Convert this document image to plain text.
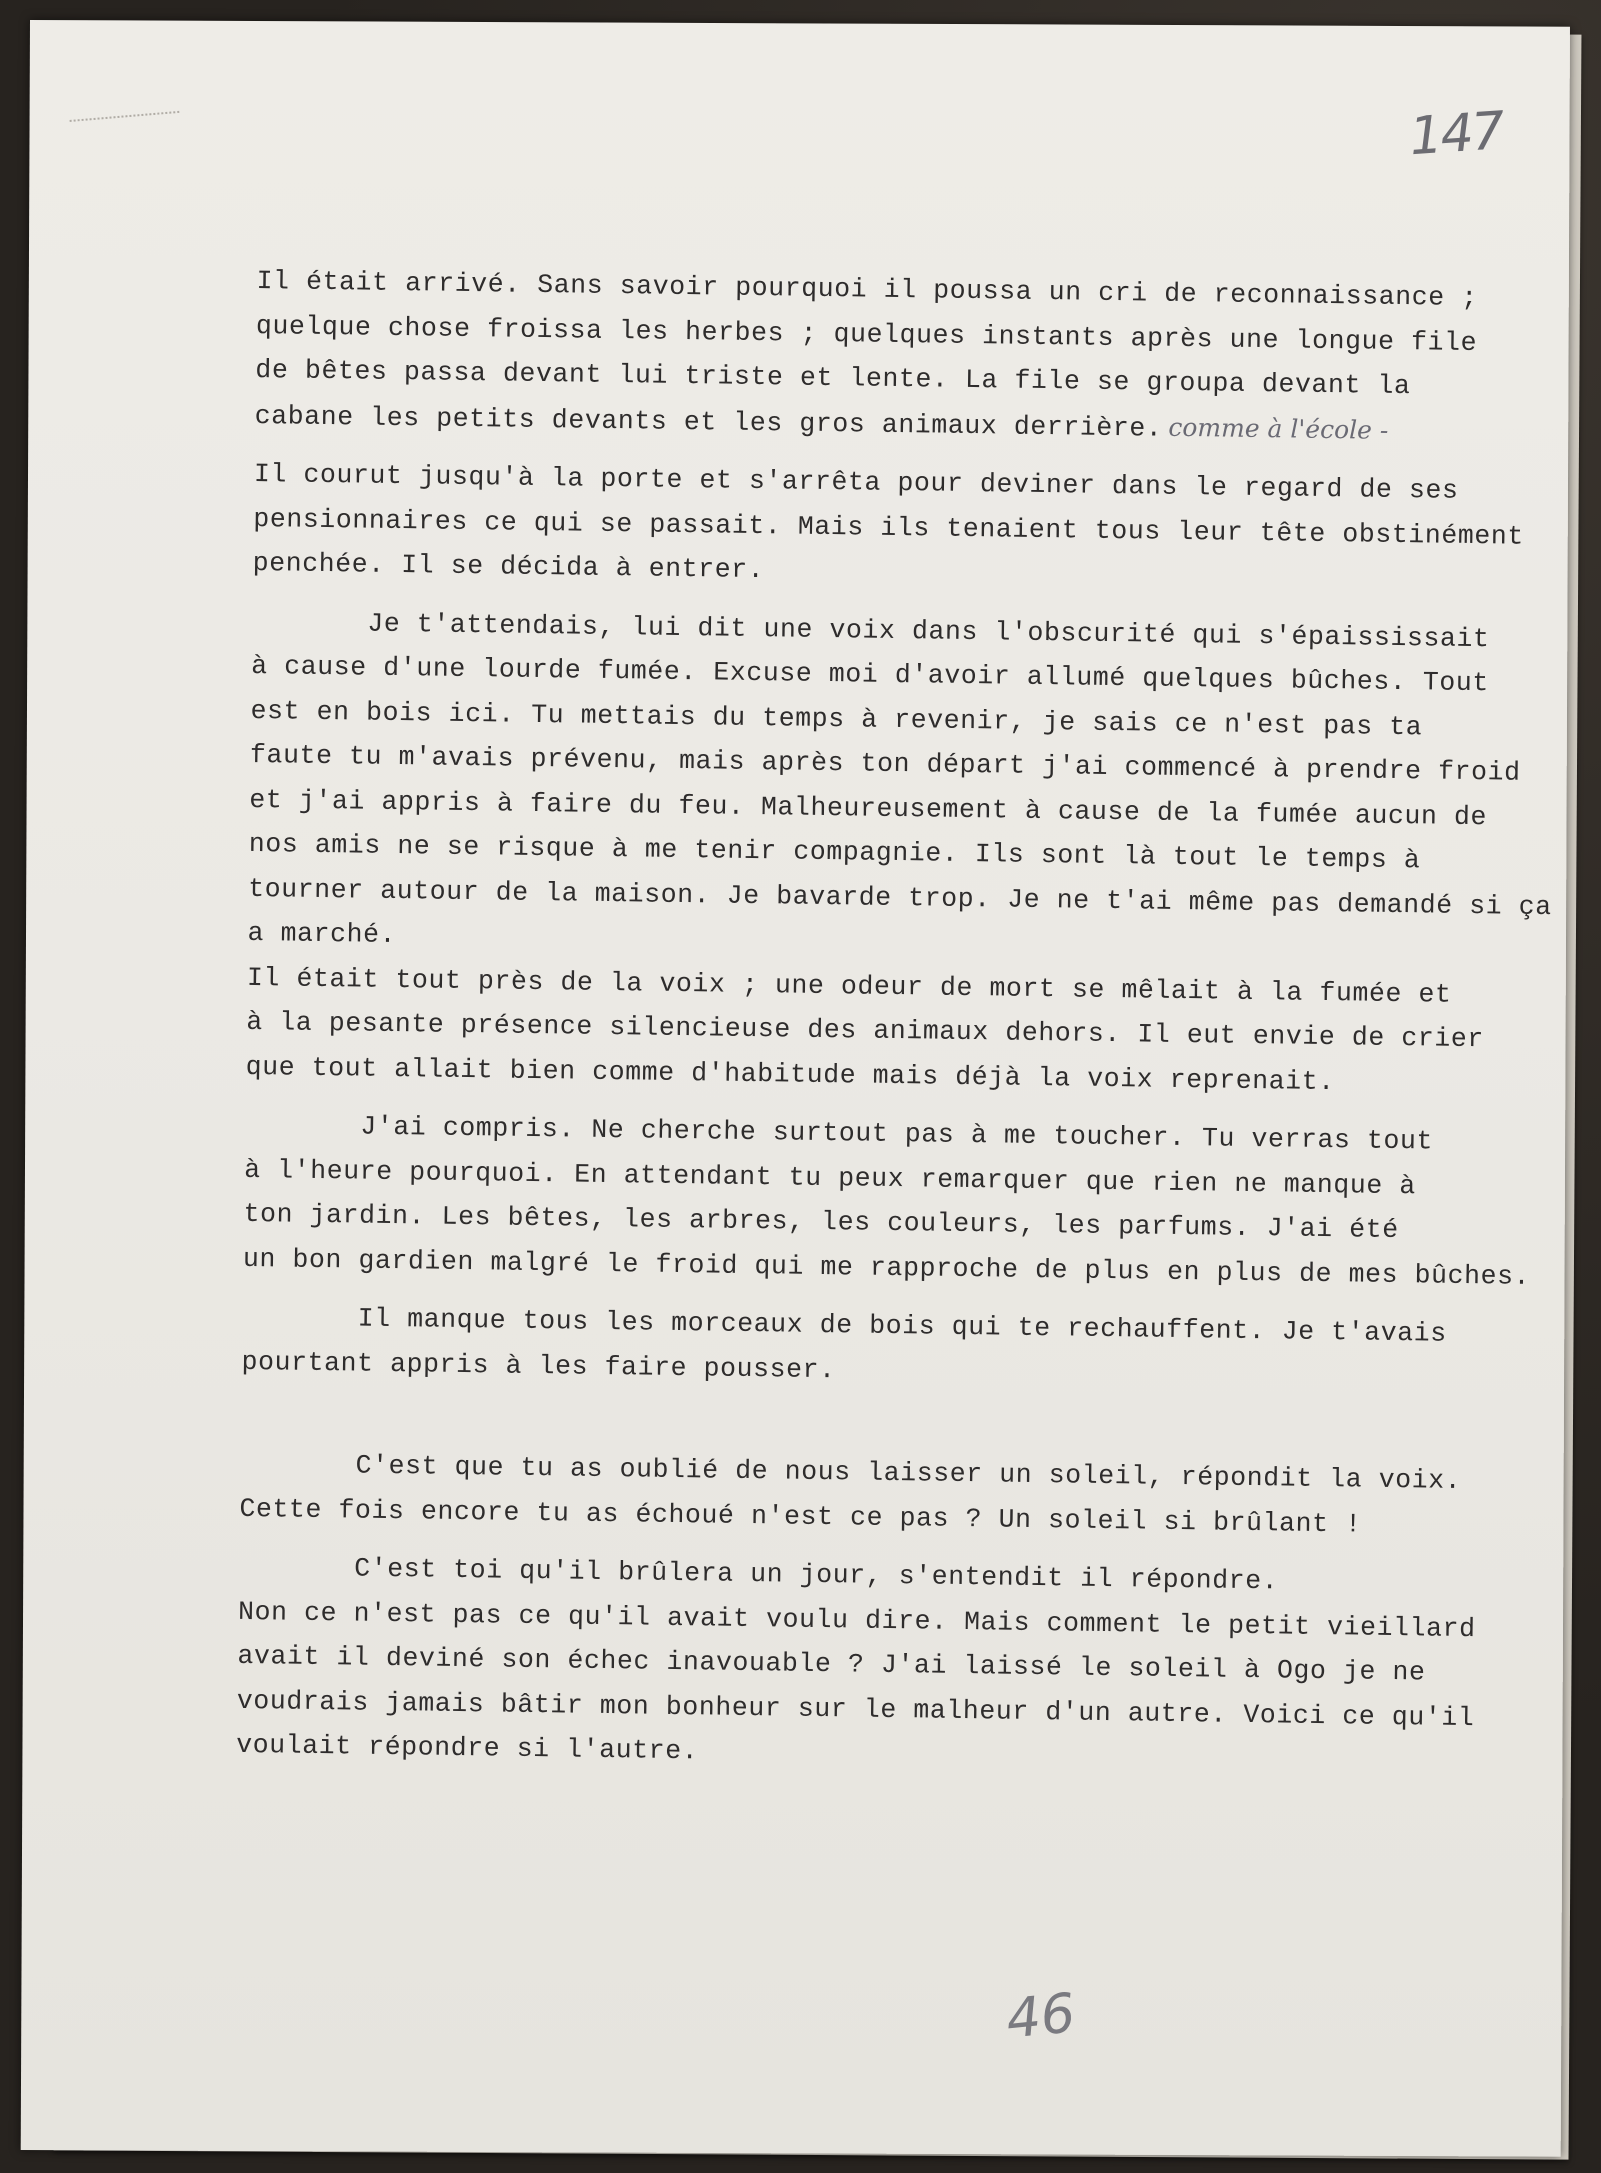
147

Il était arrivé. Sans savoir pourquoi il poussa un cri de reconnaissance ;

quelque chose froissa les herbes ; quelques instants après une longue file

de bêtes passa devant lui triste et lente. La file se groupa devant la

cabane les petits devants et les gros animaux derrière. comme à l'école -

Il courut jusqu'à la porte et s'arrêta pour deviner dans le regard de ses

pensionnaires ce qui se passait. Mais ils tenaient tous leur tête obstinément

penchée. Il se décida à entrer.

Je t'attendais, lui dit une voix dans l'obscurité qui s'épaississait

à cause d'une lourde fumée. Excuse moi d'avoir allumé quelques bûches. Tout

est en bois ici. Tu mettais du temps à revenir, je sais ce n'est pas ta

faute tu m'avais prévenu, mais après ton départ j'ai commencé à prendre froid

et j'ai appris à faire du feu. Malheureusement à cause de la fumée aucun de

nos amis ne se risque à me tenir compagnie. Ils sont là tout le temps à

tourner autour de la maison. Je bavarde trop. Je ne t'ai même pas demandé si ça

a marché.

Il était tout près de la voix ; une odeur de mort se mêlait à la fumée et

à la pesante présence silencieuse des animaux dehors. Il eut envie de crier

que tout allait bien comme d'habitude mais déjà la voix reprenait.

J'ai compris. Ne cherche surtout pas à me toucher. Tu verras tout

à l'heure pourquoi. En attendant tu peux remarquer que rien ne manque à

ton jardin. Les bêtes, les arbres, les couleurs, les parfums. J'ai été

un bon gardien malgré le froid qui me rapproche de plus en plus de mes bûches.

Il manque tous les morceaux de bois qui te rechauffent. Je t'avais

pourtant appris à les faire pousser.

C'est que tu as oublié de nous laisser un soleil, répondit la voix.

Cette fois encore tu as échoué n'est ce pas ? Un soleil si brûlant !

C'est toi qu'il brûlera un jour, s'entendit il répondre.

Non ce n'est pas ce qu'il avait voulu dire. Mais comment le petit vieillard

avait il deviné son échec inavouable ? J'ai laissé le soleil à Ogo je ne

voudrais jamais bâtir mon bonheur sur le malheur d'un autre. Voici ce qu'il

voulait répondre si l'autre.

46
